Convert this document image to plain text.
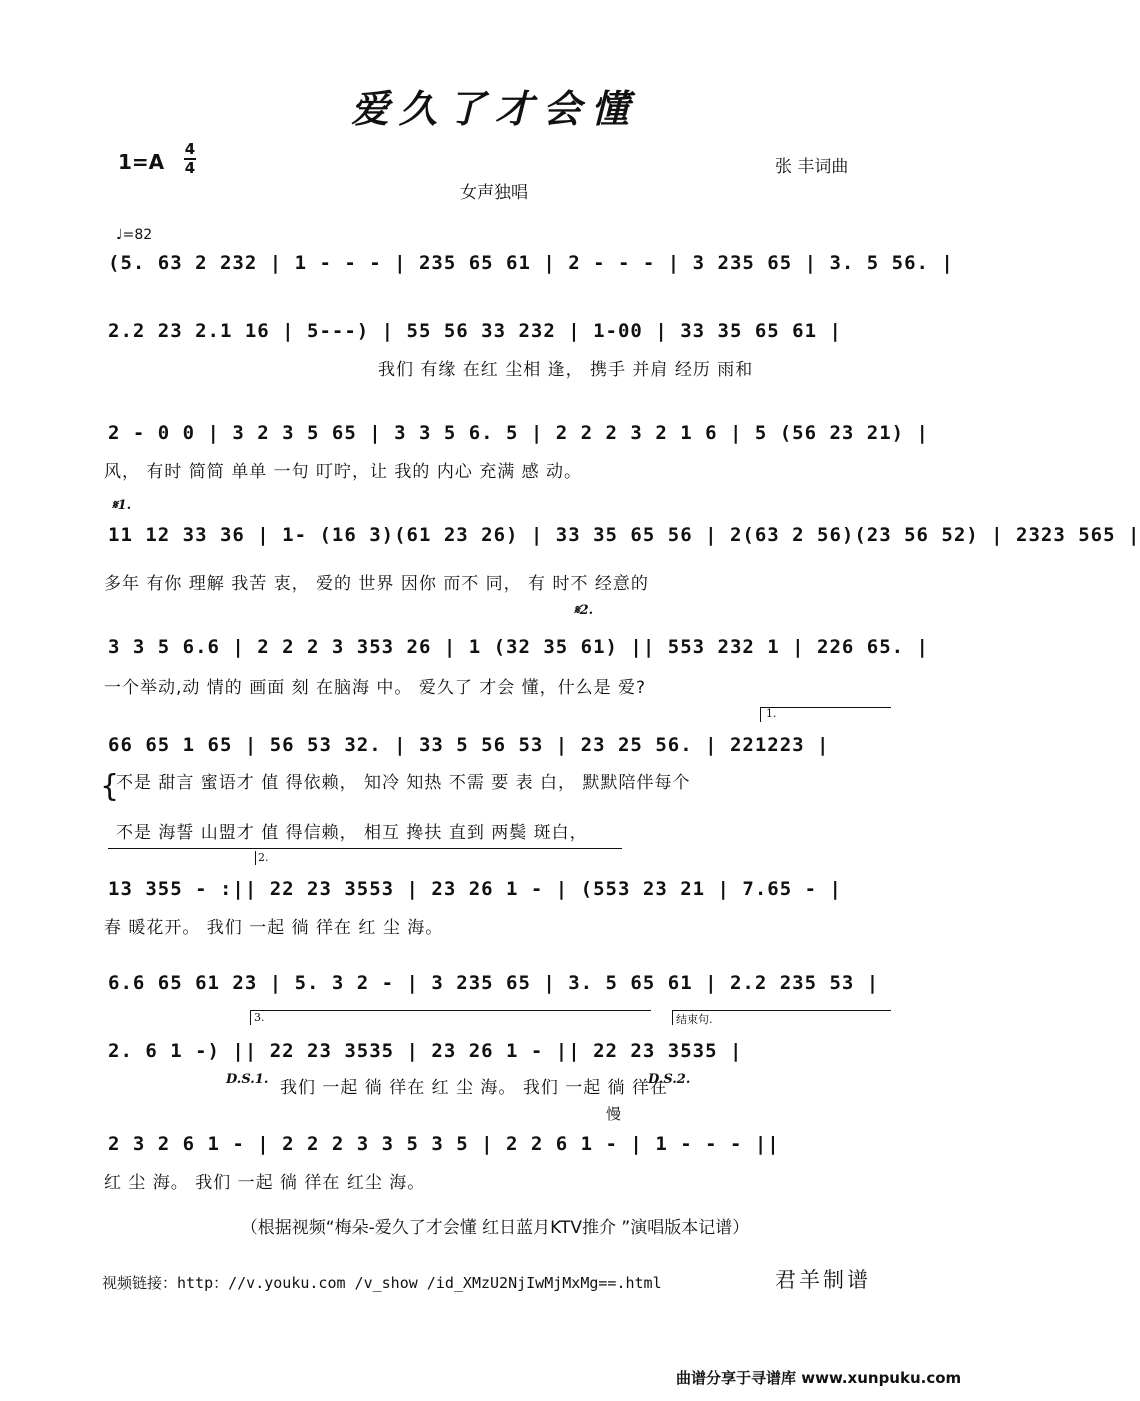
爱久了才会懂
1=A
4
4	张 丰词曲
女声独唱
♩=82
(5. 63 2 232 | 1 - - - | 235 65 61 | 2 - - - | 3 235 65 | 3. 5 56. |
2.2 23 2.1 16 | 5---) | 55 56 33 232 | 1-00 | 33 35 65 61 |
我们 有缘 在红 尘相 逢， 携手 并肩 经历 雨和
2 - 0 0 | 3 2 3 5 65 | 3 3 5 6. 5 | 2 2 2 3 2 1 6 | 5 (56 23 21) |
风， 有时 简简 单单 一句 叮咛，让 我的 内心 充满 感 动。
𝄋1.
11 12 33 36 | 1- (16 3)(61 23 26) | 33 35 65 56 | 2(63 2 56)(23 56 52) | 2323 565 |
多年 有你 理解 我苦 衷， 爱的 世界 因你 而不 同， 有 时不 经意的
𝄋2.
3 3 5 6.6 | 2 2 2 3 353 26 | 1 (32 35 61) || 553 232 1 | 226 65. |
一个举动,动 情的 画面 刻 在脑海 中。 爱久了 才会 懂，什么是 爱?
1.
66 65 1 65 | 56 53 32. | 33 5 56 53 | 23 25 56. | 221223 |
{
不是 甜言 蜜语才 值 得依赖， 知冷 知热 不需 要 表 白， 默默陪伴每个
不是 海誓 山盟才 值 得信赖， 相互 搀扶 直到 两鬓 斑白，
2.
13 355 - :|| 22 23 3553 | 23 26 1 - | (553 23 21 | 7.65 - |
春 暖花开。 我们 一起 徜 徉在 红 尘 海。
6.6 65 61 23 | 5. 3 2 - | 3 235 65 | 3. 5 65 61 | 2.2 235 53 |
3.	结束句.
2. 6 1 -) || 22 23 3535 | 23 26 1 - || 22 23 3535 |
D.S.1.	D.S.2.
我们 一起 徜 徉在 红 尘 海。 我们 一起 徜 徉在
慢
2 3 2 6 1 - | 2 2 2 3 3 5 3 5 | 2 2 6 1 - | 1 - - - ||
红 尘 海。 我们 一起 徜 徉在 红尘 海。
（根据视频“梅朵-爱久了才会懂 红日蓝月KTV推介 ”演唱版本记谱）
视频链接：http：//v.youku.com /v_show /id_XMzU2NjIwMjMxMg==.html	君羊制谱
曲谱分享于寻谱库 www.xunpuku.com
